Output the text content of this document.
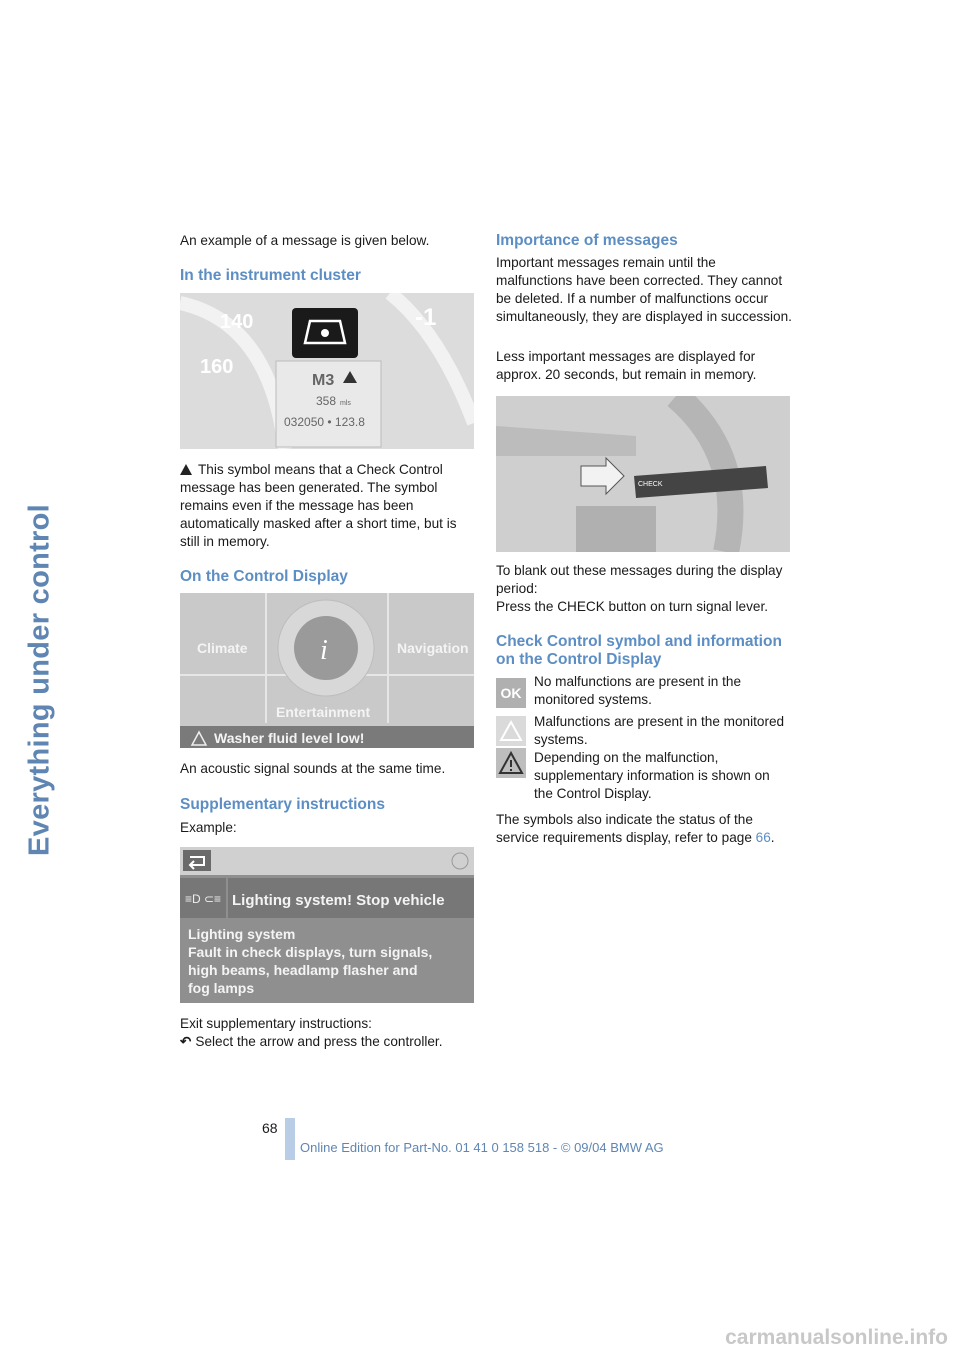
Everything under control

An example of a message is given below.

In the instrument cluster
140
160
-1
M3
358 mls
032050 • 123.8

This symbol means that a Check Control message has been generated. The symbol remains even if the message has been automatically masked after a short time, but is still in memory.

On the Control Display
i
Climate	Navigation
Entertainment
Washer fluid level low!

An acoustic signal sounds at the same time.

Supplementary instructions

Example:

≡D ⊂≡ Lighting system! Stop vehicle
Lighting system
Fault in check displays, turn signals,
high beams, headlamp flasher and
fog lamps

Exit supplementary instructions:

↶ Select the arrow and press the controller.

Importance of messages

Important messages remain until the malfunctions have been corrected. They cannot be deleted. If a number of malfunctions occur simultaneously, they are displayed in succession.

Less important messages are displayed for approx. 20 seconds, but remain in memory.

CHECK

To blank out these messages during the display period:

Press the CHECK button on turn signal lever.

Check Control symbol and information on the Control Display
OK

No malfunctions are present in the monitored systems.

Malfunctions are present in the monitored systems.

Depending on the malfunction, supplementary information is shown on the Control Display.

The symbols also indicate the status of the service requirements display, refer to page 66.

68
Online Edition for Part-No. 01 41 0 158 518 - © 09/04 BMW AG
carmanualsonline.info
